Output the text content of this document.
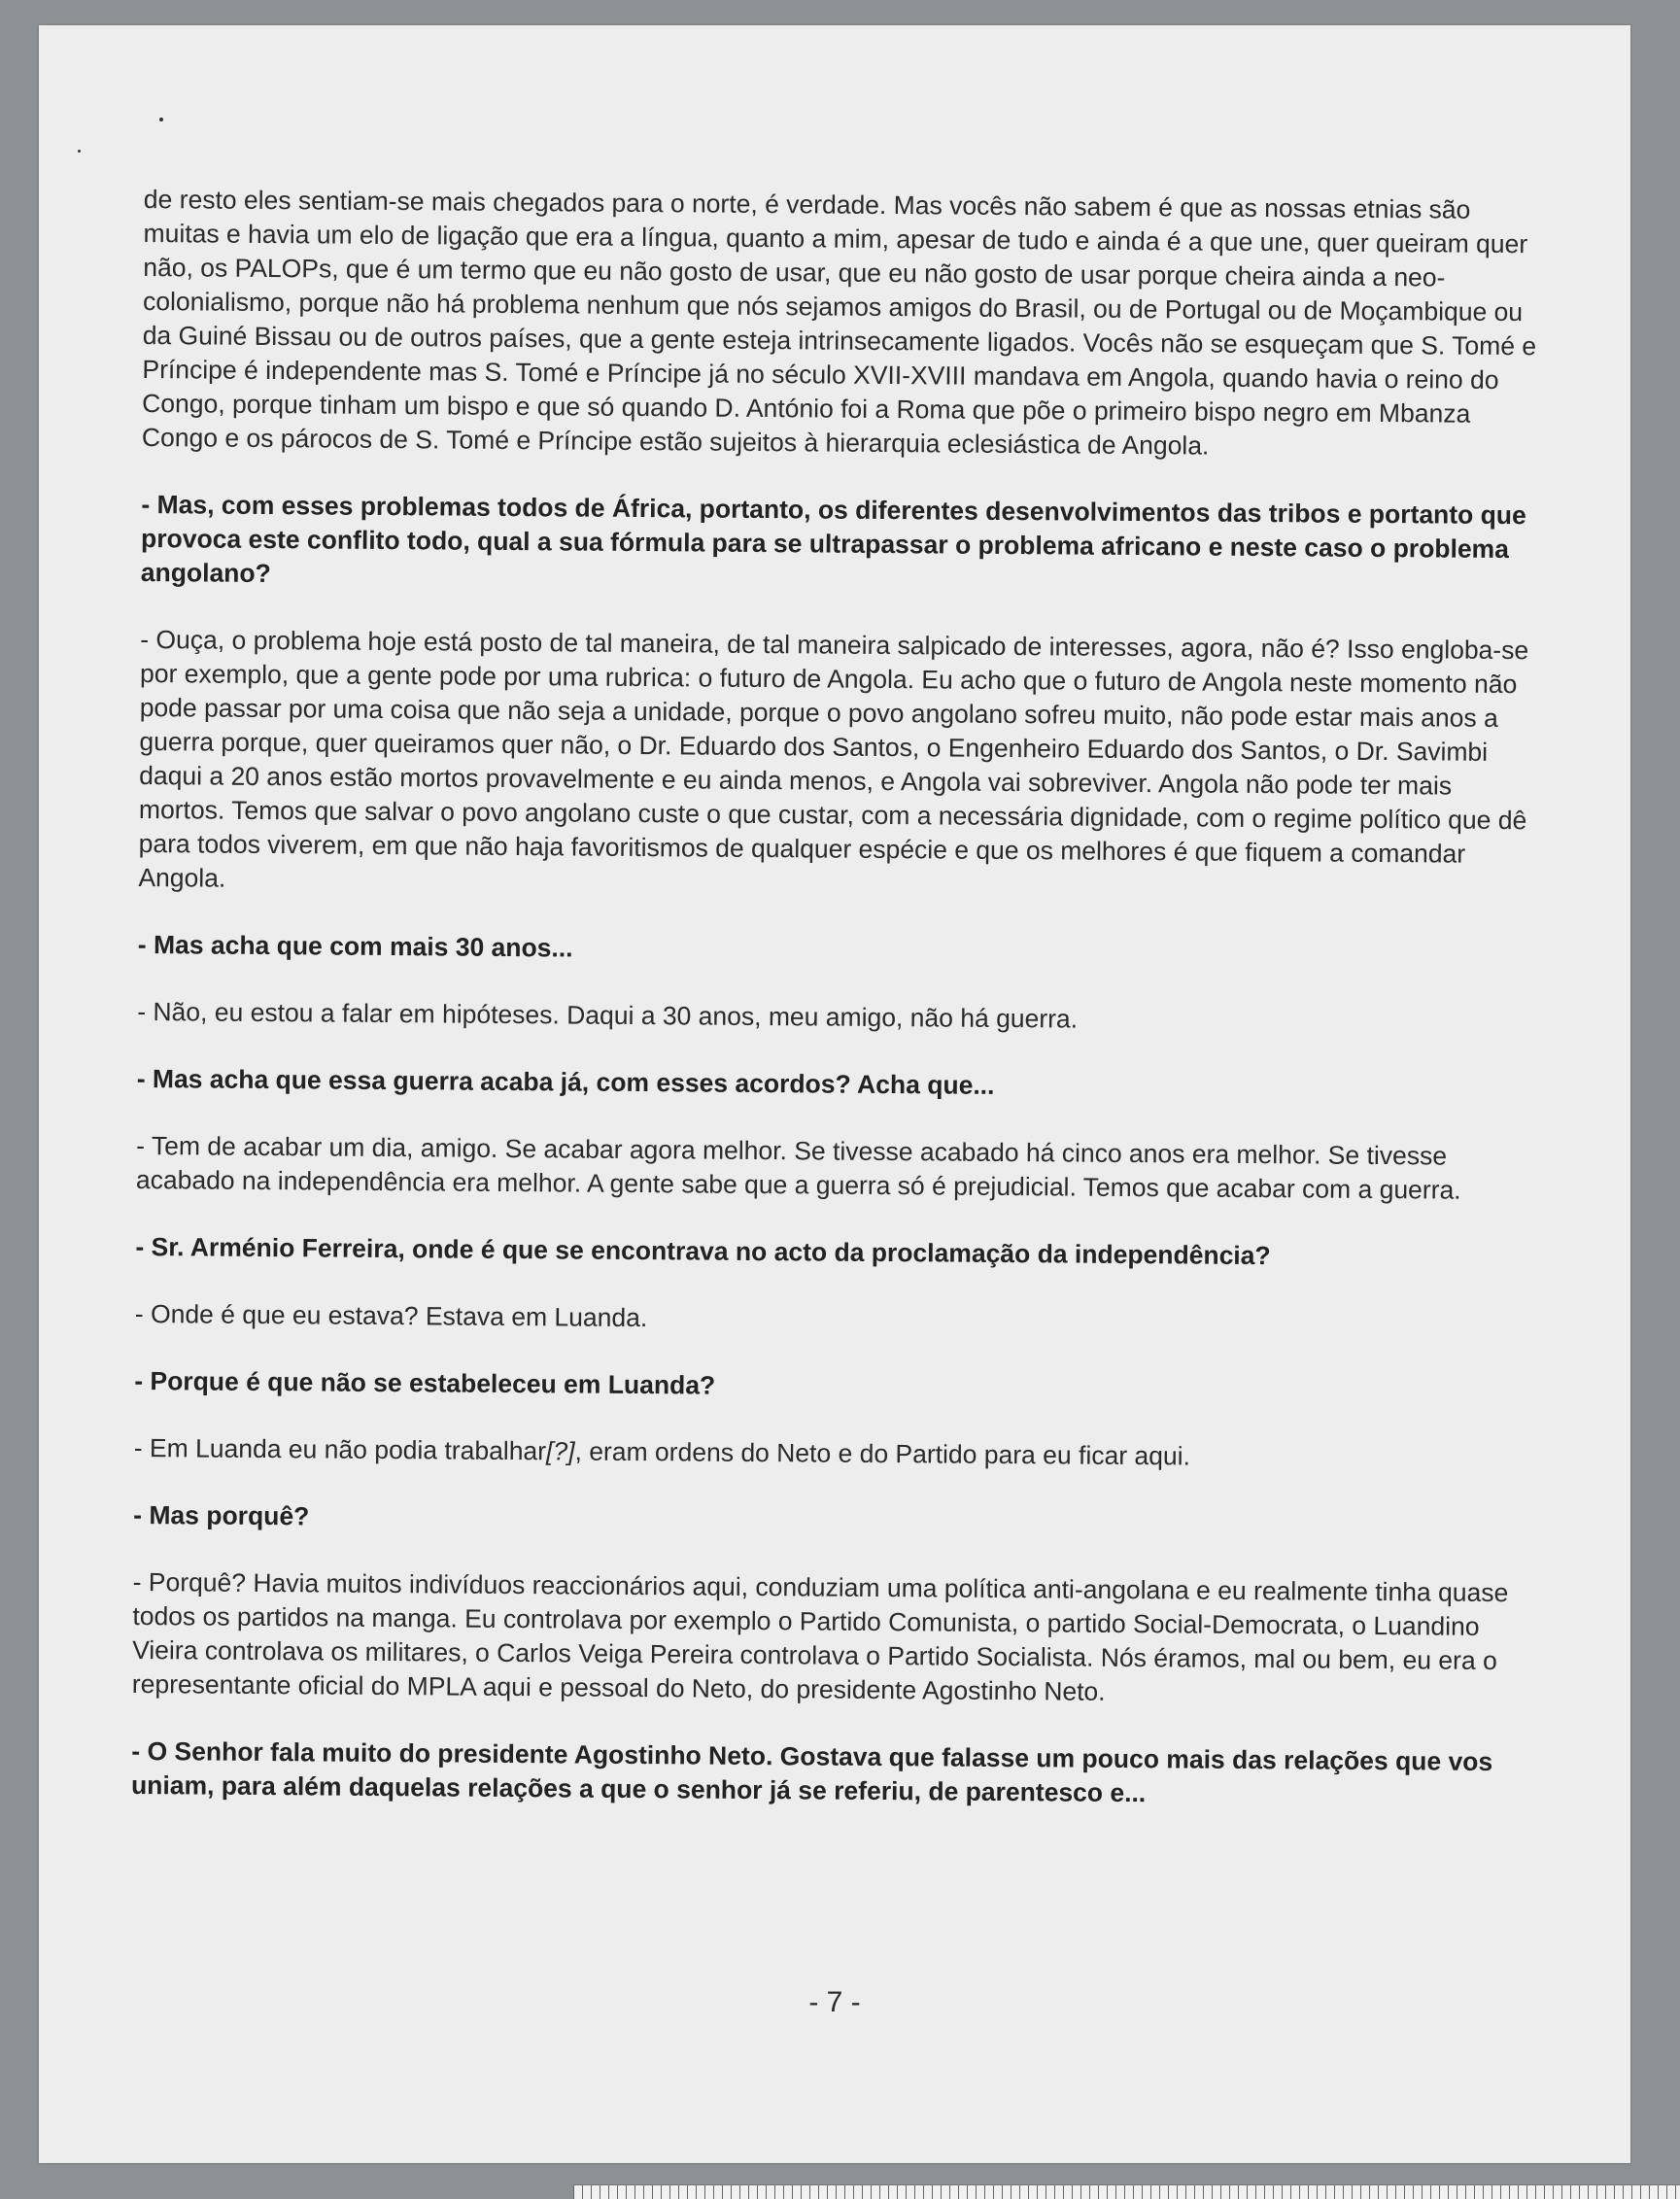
de resto eles sentiam-se mais chegados para o norte, é verdade. Mas vocês não sabem é que as nossas etnias são muitas e havia um elo de ligação que era a língua, quanto a mim, apesar de tudo e ainda é a que une, quer queiram quer não, os PALOPs, que é um termo que eu não gosto de usar, que eu não gosto de usar porque cheira ainda a neo-colonialismo, porque não há problema nenhum que nós sejamos amigos do Brasil, ou de Portugal ou de Moçambique ou da Guiné Bissau ou de outros países, que a gente esteja intrinsecamente ligados. Vocês não se esqueçam que S. Tomé e Príncipe é independente mas S. Tomé e Príncipe já no século XVII-XVIII mandava em Angola, quando havia o reino do Congo, porque tinham um bispo e que só quando D. António foi a Roma que põe o primeiro bispo negro em Mbanza Congo e os párocos de S. Tomé e Príncipe estão sujeitos à hierarquia eclesiástica de Angola.

- Mas, com esses problemas todos de África, portanto, os diferentes desenvolvimentos das tribos e portanto que provoca este conflito todo, qual a sua fórmula para se ultrapassar o problema africano e neste caso o problema angolano?

- Ouça, o problema hoje está posto de tal maneira, de tal maneira salpicado de interesses, agora, não é? Isso engloba-se por exemplo, que a gente pode por uma rubrica: o futuro de Angola. Eu acho que o futuro de Angola neste momento não pode passar por uma coisa que não seja a unidade, porque o povo angolano sofreu muito, não pode estar mais anos a guerra porque, quer queiramos quer não, o Dr. Eduardo dos Santos, o Engenheiro Eduardo dos Santos, o Dr. Savimbi daqui a 20 anos estão mortos provavelmente e eu ainda menos, e Angola vai sobreviver. Angola não pode ter mais mortos. Temos que salvar o povo angolano custe o que custar, com a necessária dignidade, com o regime político que dê para todos viverem, em que não haja favoritismos de qualquer espécie e que os melhores é que fiquem a comandar Angola.

- Mas acha que com mais 30 anos...

- Não, eu estou a falar em hipóteses. Daqui a 30 anos, meu amigo, não há guerra.

- Mas acha que essa guerra acaba já, com esses acordos? Acha que...

- Tem de acabar um dia, amigo. Se acabar agora melhor. Se tivesse acabado há cinco anos era melhor. Se tivesse acabado na independência era melhor. A gente sabe que a guerra só é prejudicial. Temos que acabar com a guerra.

- Sr. Arménio Ferreira, onde é que se encontrava no acto da proclamação da independência?

- Onde é que eu estava? Estava em Luanda.

- Porque é que não se estabeleceu em Luanda?

- Em Luanda eu não podia trabalhar[?], eram ordens do Neto e do Partido para eu ficar aqui.

- Mas porquê?

- Porquê? Havia muitos indivíduos reaccionários aqui, conduziam uma política anti-angolana e eu realmente tinha quase todos os partidos na manga. Eu controlava por exemplo o Partido Comunista, o partido Social-Democrata, o Luandino Vieira controlava os militares, o Carlos Veiga Pereira controlava o Partido Socialista. Nós éramos, mal ou bem, eu era o representante oficial do MPLA aqui e pessoal do Neto, do presidente Agostinho Neto.

- O Senhor fala muito do presidente Agostinho Neto. Gostava que falasse um pouco mais das relações que vos uniam, para além daquelas relações a que o senhor já se referiu, de parentesco e...

- 7 -
